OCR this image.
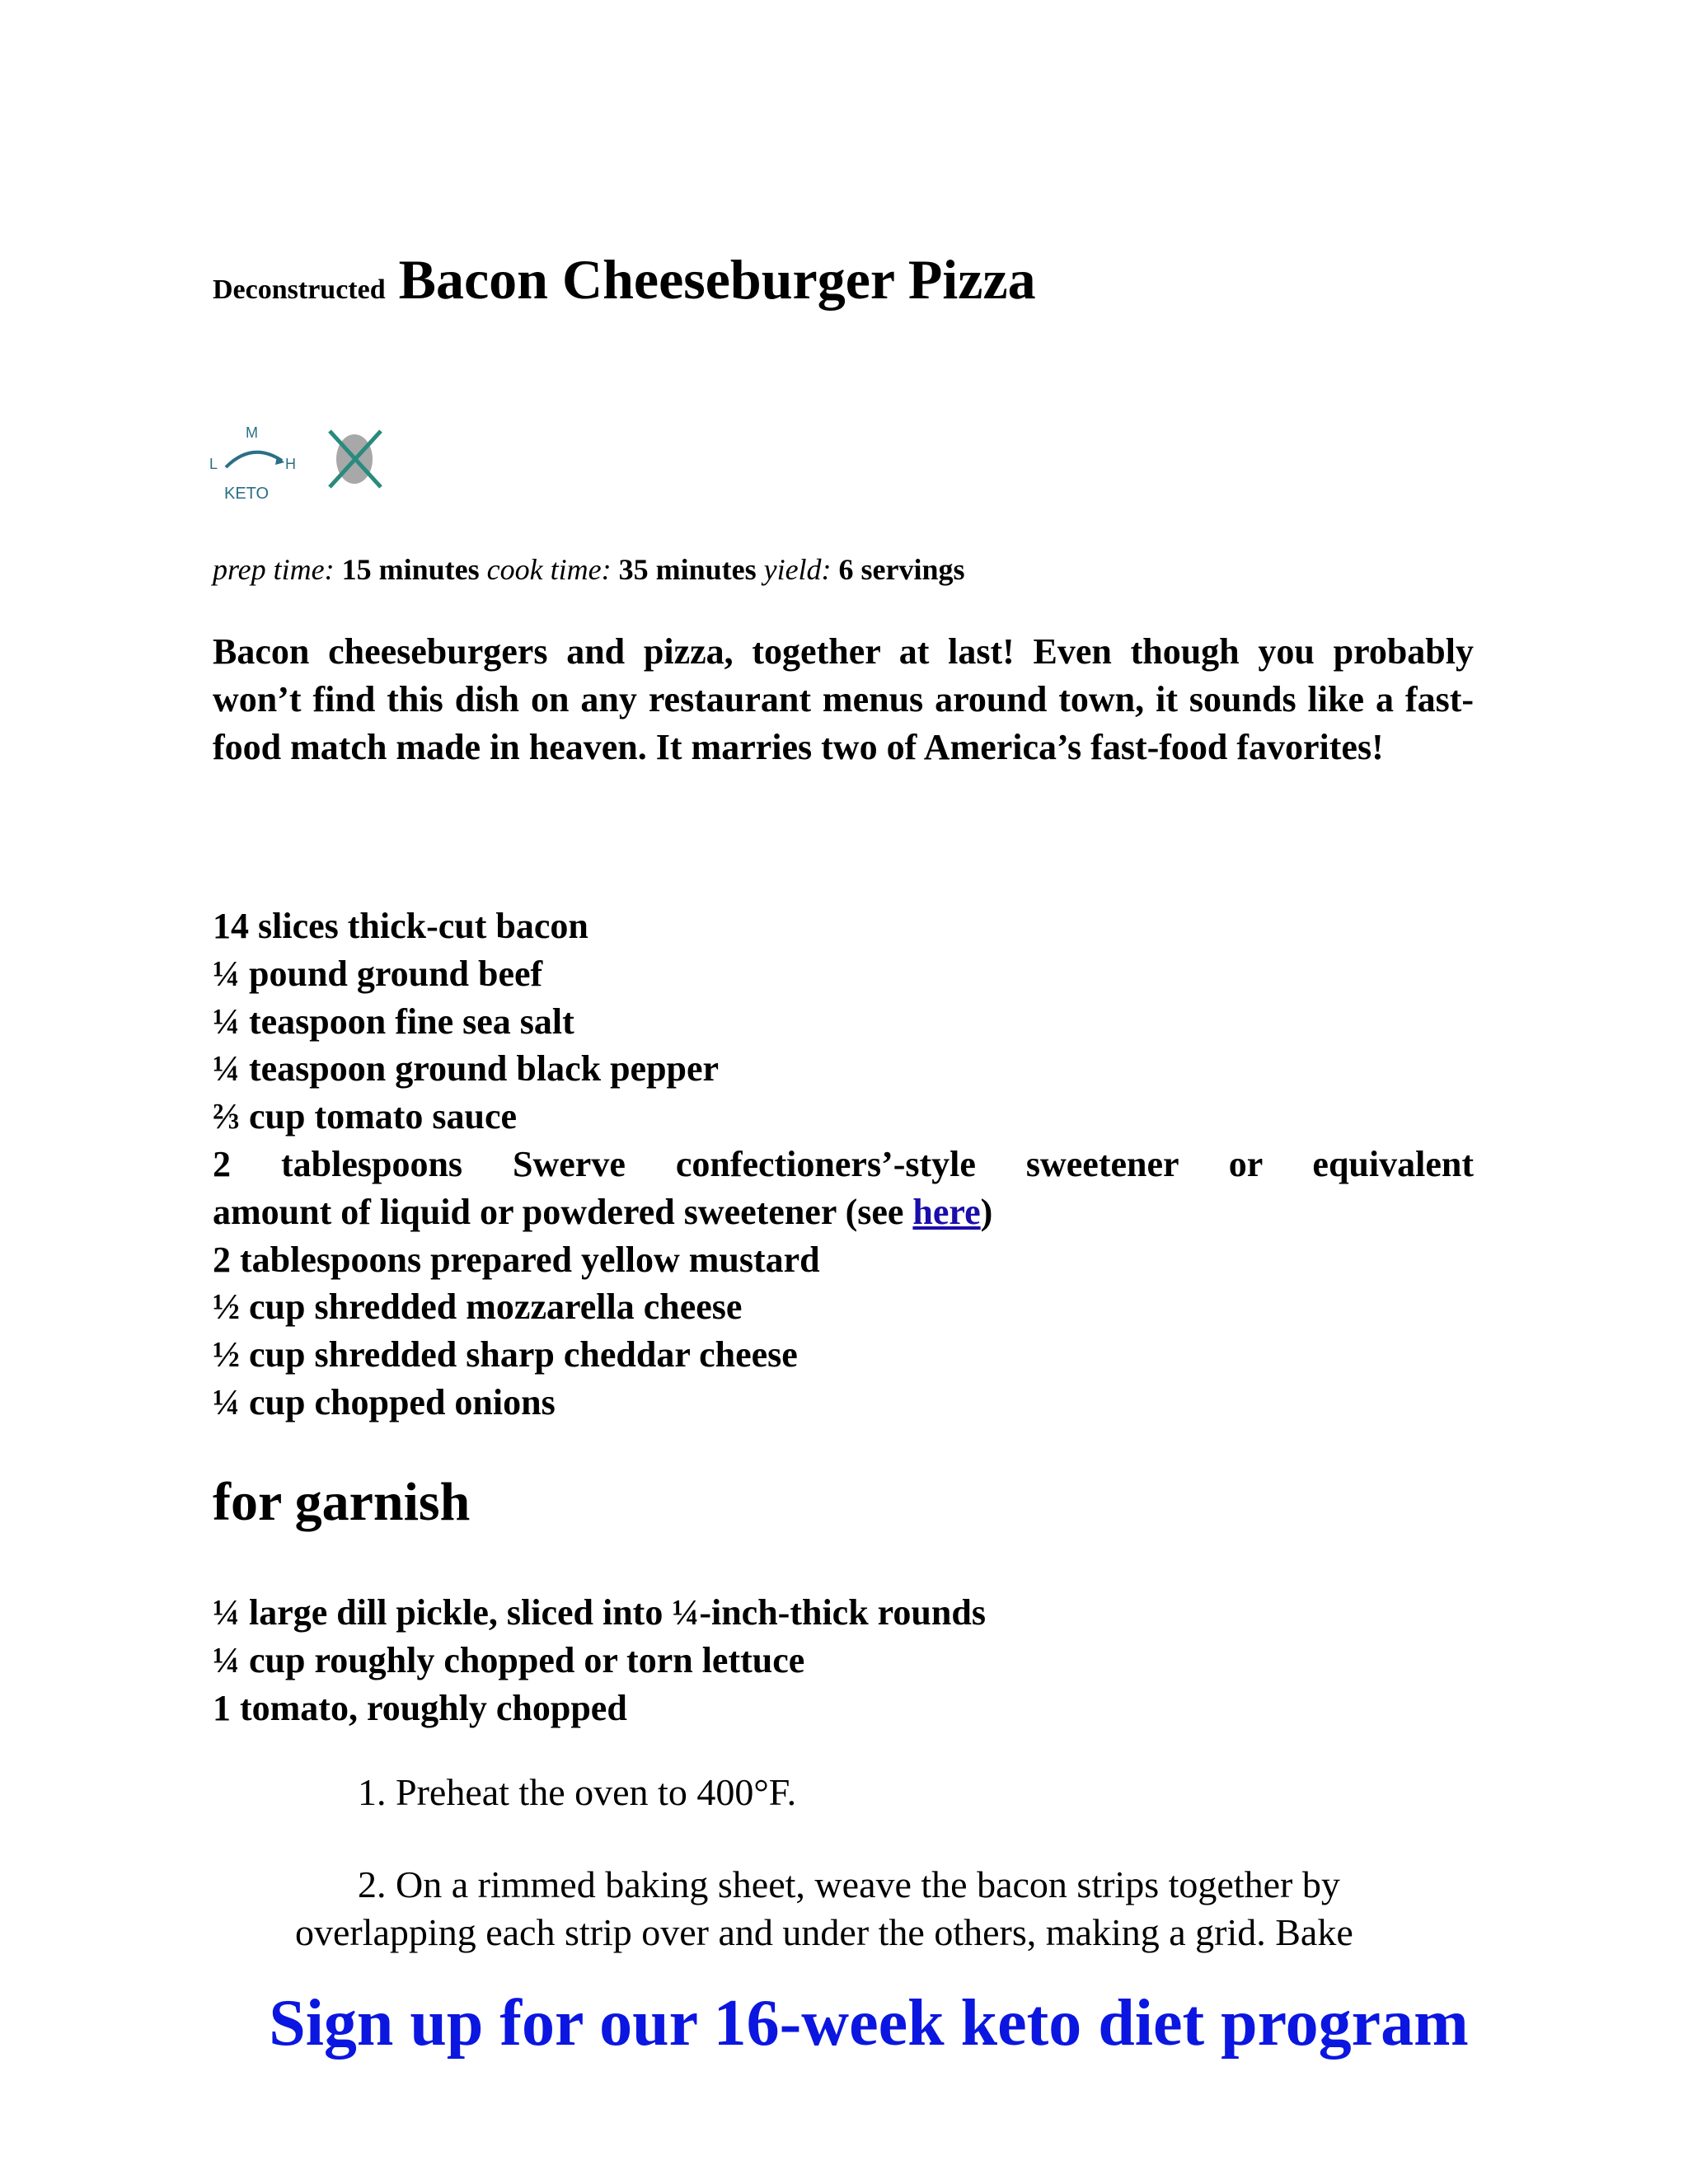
Deconstructed Bacon Cheeseburger Pizza
M
L	H
KETO
prep time: 15 minutes cook time: 35 minutes yield: 6 servings

Bacon cheeseburgers and pizza, together at last! Even though you probably won’t find this dish on any restaurant menus around town, it sounds like a fast-food match made in heaven. It marries two of America’s fast-food favorites!

14 slices thick-cut bacon
¼ pound ground beef
¼ teaspoon fine sea salt
¼ teaspoon ground black pepper
⅔ cup tomato sauce
2 tablespoons Swerve confectioners’-style sweetener or equivalent
amount of liquid or powdered sweetener (see here)
2 tablespoons prepared yellow mustard
½ cup shredded mozzarella cheese
½ cup shredded sharp cheddar cheese
¼ cup chopped onions
for garnish
¼ large dill pickle, sliced into ¼-inch-thick rounds
¼ cup roughly chopped or torn lettuce
1 tomato, roughly chopped
1. Preheat the oven to 400°F.
2. On a rimmed baking sheet, weave the bacon strips together by
overlapping each strip over and under the others, making a grid. Bake
Sign up for our 16-week keto diet program
